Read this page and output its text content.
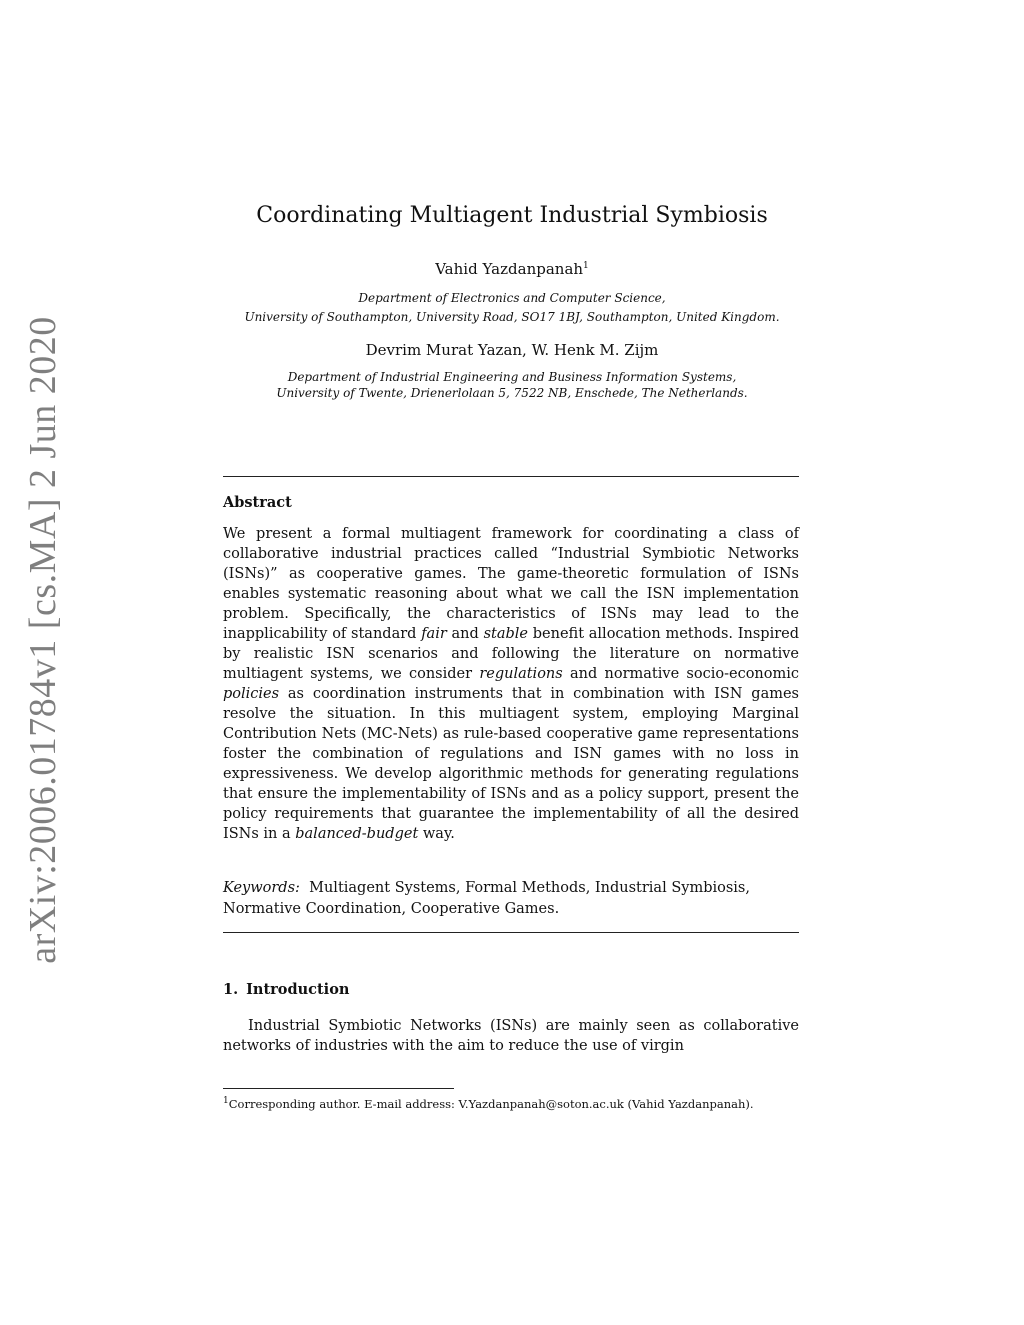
arXiv:2006.01784v1 [cs.MA] 2 Jun 2020
Coordinating Multiagent Industrial Symbiosis
Vahid Yazdanpanah$^1$
Department of Electronics and Computer Science,
University of Southampton, University Road, SO17 1BJ, Southampton, United Kingdom.
Devrim Murat Yazan, W. Henk M. Zijm
Department of Industrial Engineering and Business Information Systems,
University of Twente, Drienerlolaan 5, 7522 NB, Enschede, The Netherlands.
Abstract
We present a formal multiagent framework for coordinating a class of collaborative industrial practices called “Industrial Symbiotic Networks (ISNs)” as cooperative games. The game-theoretic formulation of ISNs enables systematic reasoning about what we call the ISN implementation problem. Specifically, the characteristics of ISNs may lead to the inapplicability of standard fair and stable benefit allocation methods. Inspired by realistic ISN scenarios and following the literature on normative multiagent systems, we consider regulations and normative socio-economic policies as coordination instruments that in combination with ISN games resolve the situation. In this multiagent system, employing Marginal Contribution Nets (MC-Nets) as rule-based cooperative game representations foster the combination of regulations and ISN games with no loss in expressiveness. We develop algorithmic methods for generating regulations that ensure the implementability of ISNs and as a policy support, present the policy requirements that guarantee the implementability of all the desired ISNs in a balanced-budget way.
Keywords: Multiagent Systems, Formal Methods, Industrial Symbiosis, Normative Coordination, Cooperative Games.
1. Introduction
Industrial Symbiotic Networks (ISNs) are mainly seen as collaborative networks of industries with the aim to reduce the use of virgin
$^1$Corresponding author. E-mail address: V.Yazdanpanah@soton.ac.uk (Vahid Yazdanpanah).
